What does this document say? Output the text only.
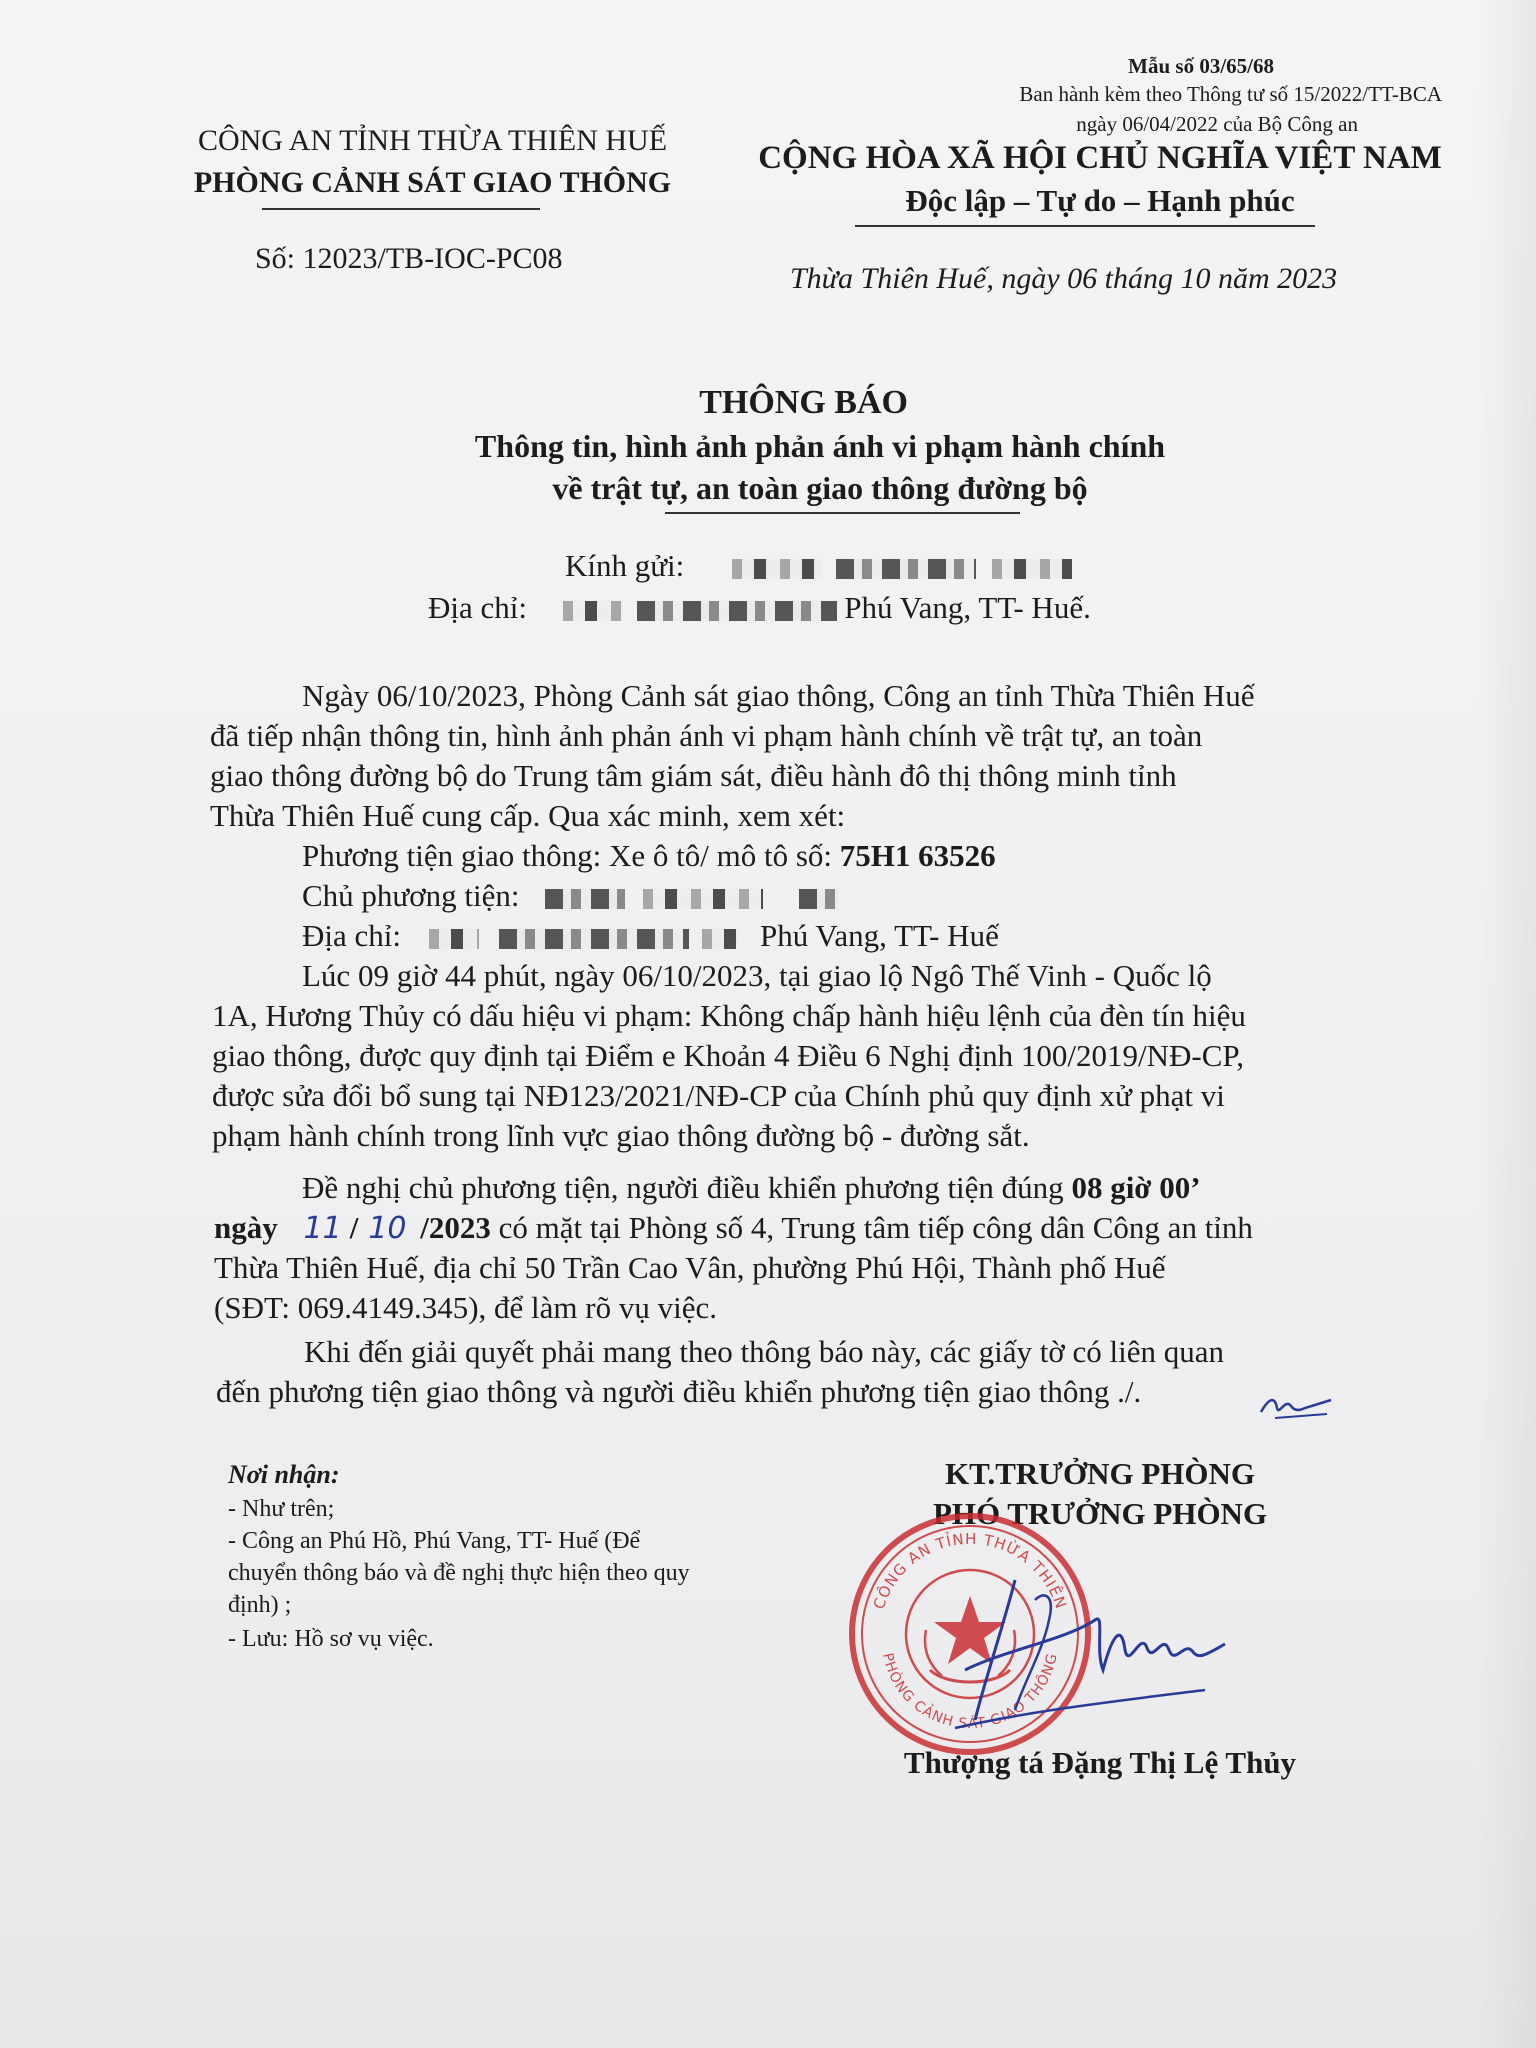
Mẫu số 03/65/68
Ban hành kèm theo Thông tư số 15/2022/TT-BCA
ngày 06/04/2022 của Bộ Công an
CÔNG AN TỈNH THỪA THIÊN HUẾ
PHÒNG CẢNH SÁT GIAO THÔNG
CỘNG HÒA XÃ HỘI CHỦ NGHĨA VIỆT NAM
Độc lập – Tự do – Hạnh phúc
Số: 12023/TB-IOC-PC08
Thừa Thiên Huế, ngày 06 tháng 10 năm 2023
THÔNG BÁO
Thông tin, hình ảnh phản ánh vi phạm hành chính
về trật tự, an toàn giao thông đường bộ
Kính gửi:
Địa chỉ:	Phú Vang, TT- Huế.
Ngày 06/10/2023, Phòng Cảnh sát giao thông, Công an tỉnh Thừa Thiên Huế
đã tiếp nhận thông tin, hình ảnh phản ánh vi phạm hành chính về trật tự, an toàn
giao thông đường bộ do Trung tâm giám sát, điều hành đô thị thông minh tỉnh
Thừa Thiên Huế cung cấp. Qua xác minh, xem xét:
Phương tiện giao thông: Xe ô tô/ mô tô số: 75H1 63526
Chủ phương tiện:
Địa chỉ:	Phú Vang, TT- Huế
Lúc 09 giờ 44 phút, ngày 06/10/2023, tại giao lộ Ngô Thế Vinh - Quốc lộ
1A, Hương Thủy có dấu hiệu vi phạm: Không chấp hành hiệu lệnh của đèn tín hiệu
giao thông, được quy định tại Điểm e Khoản 4 Điều 6 Nghị định 100/2019/NĐ-CP,
được sửa đổi bổ sung tại NĐ123/2021/NĐ-CP của Chính phủ quy định xử phạt vi
phạm hành chính trong lĩnh vực giao thông đường bộ - đường sắt.
Đề nghị chủ phương tiện, người điều khiển phương tiện đúng 08 giờ 00’
ngày 11 / 10 /2023 có mặt tại Phòng số 4, Trung tâm tiếp công dân Công an tỉnh
Thừa Thiên Huế, địa chỉ 50 Trần Cao Vân, phường Phú Hội, Thành phố Huế
(SĐT: 069.4149.345), để làm rõ vụ việc.
Khi đến giải quyết phải mang theo thông báo này, các giấy tờ có liên quan
đến phương tiện giao thông và người điều khiển phương tiện giao thông ./.
Nơi nhận:
- Như trên;
- Công an Phú Hồ, Phú Vang, TT- Huế (Để
chuyển thông báo và đề nghị thực hiện theo quy
định) ;
- Lưu: Hồ sơ vụ việc.
KT.TRƯỞNG PHÒNG
PHÓ TRƯỞNG PHÒNG
CÔNG AN TỈNH THỪA THIÊN
PHÒNG CẢNH SÁT GIAO THÔNG
Thượng tá Đặng Thị Lệ Thủy
